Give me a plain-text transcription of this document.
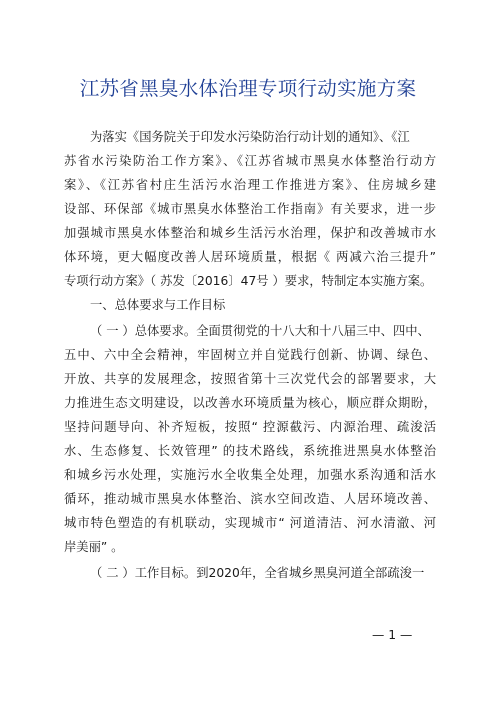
江苏省黑臭水体治理专项行动实施方案
为落实《国务院关于印发水污染防治行动计划的通知》、《江
苏省水污染防治工作方案》、《江苏省城市黑臭水体整治行动方
案》、《江苏省村庄生活污水治理工作推进方案》、住房城乡建
设部、环保部《城市黑臭水体整治工作指南》有关要求，进一步
加强城市黑臭水体整治和城乡生活污水治理，保护和改善城市水
体环境，更大幅度改善人居环境质量，根据《 两减六治三提升”
专项行动方案》（ 苏发〔2016〕47号 ）要求，特制定本实施方案。
一、总体要求与工作目标
（ 一 ）总体要求。全面贯彻党的十八大和十八届三中、四中、
五中、六中全会精神，牢固树立并自觉践行创新、协调、绿色、
开放、共享的发展理念，按照省第十三次党代会的部署要求，大
力推进生态文明建设，以改善水环境质量为核心，顺应群众期盼，
坚持问题导向、补齐短板，按照“ 控源截污、内源治理、疏浚活
水、生态修复、长效管理” 的技术路线，系统推进黑臭水体整治
和城乡污水处理，实施污水全收集全处理，加强水系沟通和活水
循环，推动城市黑臭水体整治、滨水空间改造、人居环境改善、
城市特色塑造的有机联动，实现城市“ 河道清洁、河水清澈、河
岸美丽” 。
（ 二 ）工作目标。到2020年，全省城乡黑臭河道全部疏浚一
— 1 —
